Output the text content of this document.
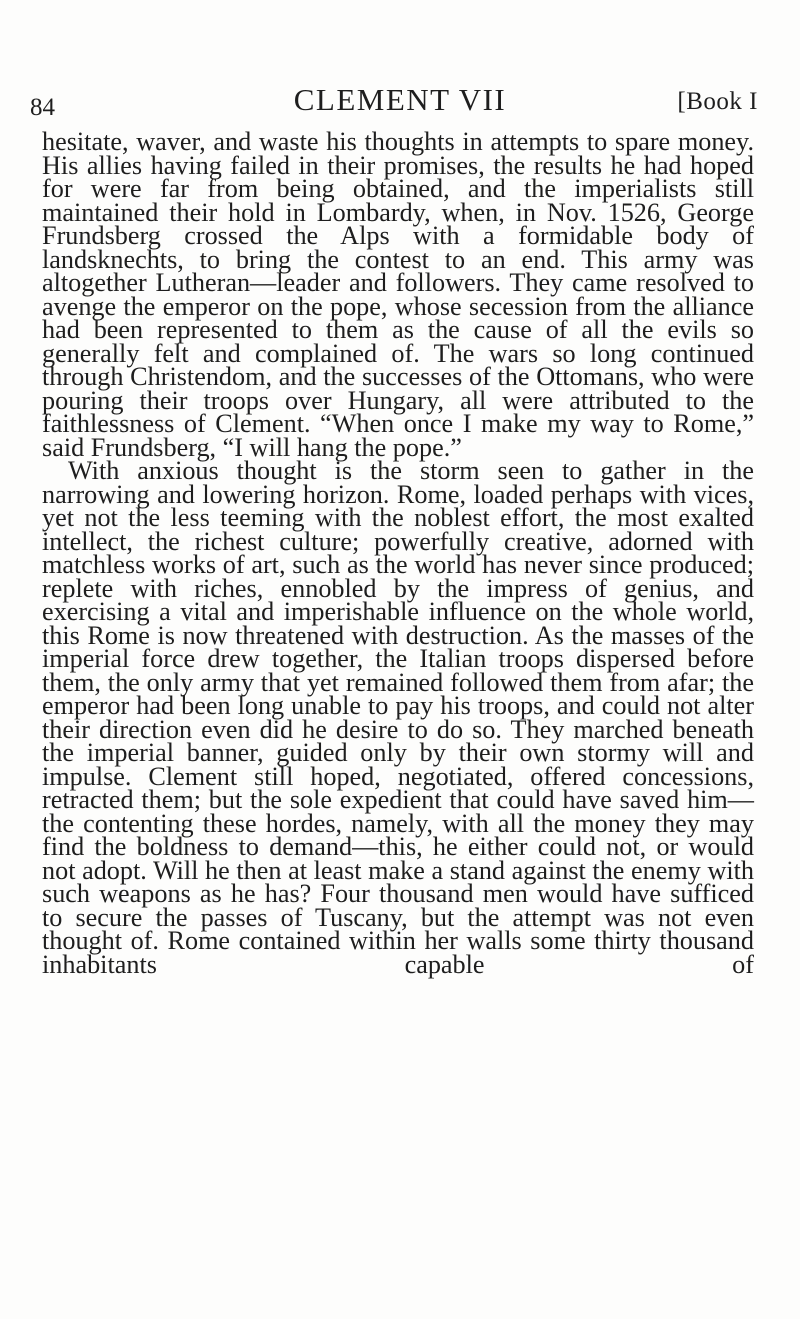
84	CLEMENT VII	[Book I

hesitate, waver, and waste his thoughts in attempts to spare money. His allies having failed in their promises, the results he had hoped for were far from being obtained, and the imperialists still maintained their hold in Lombardy, when, in Nov. 1526, George Frundsberg crossed the Alps with a formidable body of landsknechts, to bring the contest to an end. This army was altogether Lutheran—leader and followers. They came resolved to avenge the emperor on the pope, whose secession from the alliance had been represented to them as the cause of all the evils so generally felt and complained of. The wars so long continued through Christendom, and the successes of the Ottomans, who were pouring their troops over Hungary, all were attributed to the faithlessness of Clement. “When once I make my way to Rome,” said Frundsberg, “I will hang the pope.”

With anxious thought is the storm seen to gather in the narrowing and lowering horizon. Rome, loaded perhaps with vices, yet not the less teeming with the noblest effort, the most exalted intellect, the richest culture; powerfully creative, adorned with matchless works of art, such as the world has never since produced; replete with riches, ennobled by the impress of genius, and exercising a vital and imperishable influence on the whole world, this Rome is now threatened with destruction. As the masses of the imperial force drew together, the Italian troops dispersed before them, the only army that yet remained followed them from afar; the emperor had been long unable to pay his troops, and could not alter their direction even did he desire to do so. They marched beneath the imperial banner, guided only by their own stormy will and impulse. Clement still hoped, negotiated, offered concessions, retracted them; but the sole expedient that could have saved him—the contenting these hordes, namely, with all the money they may find the boldness to demand—this, he either could not, or would not adopt. Will he then at least make a stand against the enemy with such weapons as he has? Four thousand men would have sufficed to secure the passes of Tuscany, but the attempt was not even thought of. Rome contained within her walls some thirty thousand inhabitants capable of
